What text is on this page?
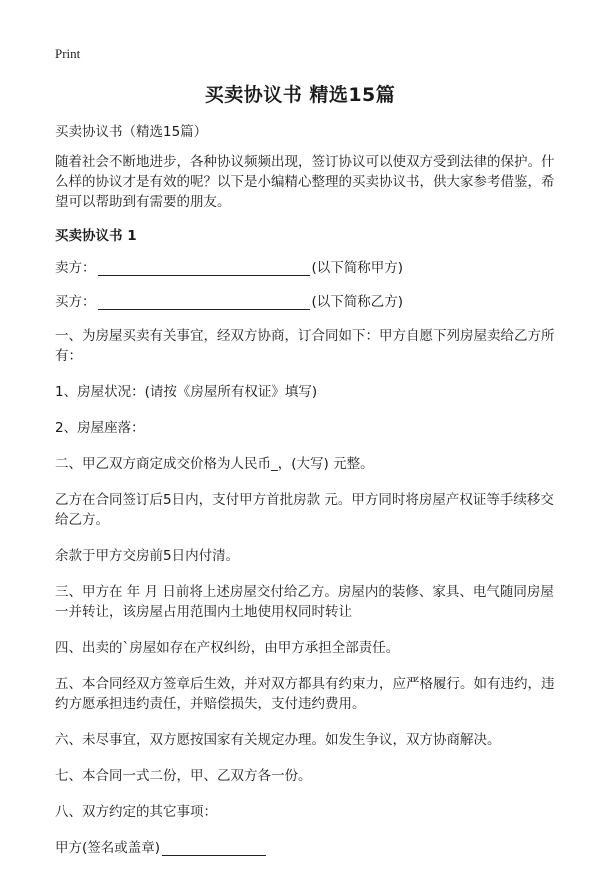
Print
买卖协议书 精选15篇

买卖协议书（精选15篇）

随着社会不断地进步，各种协议频频出现，签订协议可以使双方受到法律的保护。什么样的协议才是有效的呢？以下是小编精心整理的买卖协议书，供大家参考借鉴，希望可以帮助到有需要的朋友。

买卖协议书 1

卖方：	(以下简称甲方)
买方：	(以下简称乙方)

一、为房屋买卖有关事宜，经双方协商，订合同如下：甲方自愿下列房屋卖给乙方所有：

1、房屋状况：(请按《房屋所有权证》填写)

2、房屋座落：

二、甲乙双方商定成交价格为人民币_，(大写) 元整。

乙方在合同签订后5日内，支付甲方首批房款 元。甲方同时将房屋产权证等手续移交给乙方。

余款于甲方交房前5日内付清。

三、甲方在 年 月 日前将上述房屋交付给乙方。房屋内的装修、家具、电气随同房屋一并转让，该房屋占用范围内土地使用权同时转让

四、出卖的`房屋如存在产权纠纷，由甲方承担全部责任。

五、本合同经双方签章后生效，并对双方都具有约束力，应严格履行。如有违约，违约方愿承担违约责任，并赔偿损失，支付违约费用。

六、未尽事宜，双方愿按国家有关规定办理。如发生争议，双方协商解决。

七、本合同一式二份，甲、乙双方各一份。

八、双方约定的其它事项：

甲方(签名或盖章)
